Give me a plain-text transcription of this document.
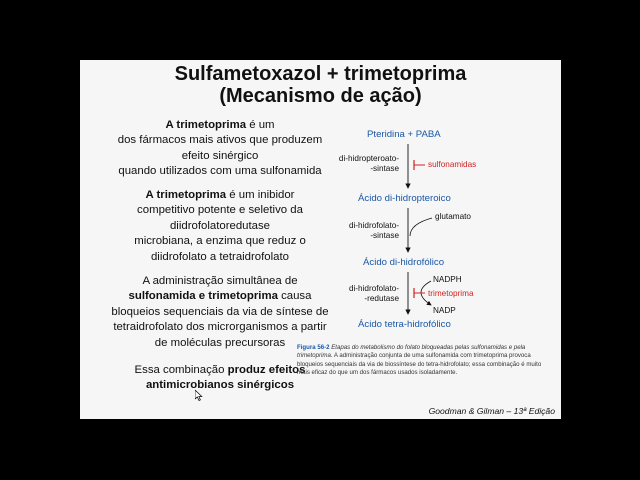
Sulfametoxazol + trimetoprima
(Mecanismo de ação)
A trimetoprima é um
dos fármacos mais ativos que produzem
efeito sinérgico
quando utilizados com uma sulfonamida
A trimetoprima é um inibidor
competitivo potente e seletivo da
diidrofolatoredutase
microbiana, a enzima que reduz o
diidrofolato a tetraidrofolato
A administração simultânea de
sulfonamida e trimetoprima causa
bloqueios sequenciais da via de síntese de
tetraidrofolato dos microrganismos a partir
de moléculas precursoras
Essa combinação produz efeitos
antimicrobianos sinérgicos
Pteridina + PABA
di-hidropteroato-
-sintase	sulfonamidas
Ácido di-hidropteroico
di-hidrofolato-
-sintase
glutamato
Ácido di-hidrofólico
di-hidrofolato-
-redutase
NADPH
trimetoprima
NADP
Ácido tetra-hidrofólico
Figura 56-2 Etapas do metabolismo do folato bloqueadas pelas sulfonamidas e pela trimetoprima. A administração conjunta de uma sulfonamida com trimetoprima provoca bloqueios sequenciais da via de biossíntese do tetra-hidrofolato; essa combinação é muito mais eficaz do que um dos fármacos usados isoladamente.
Goodman & Gilman – 13ª Edição
